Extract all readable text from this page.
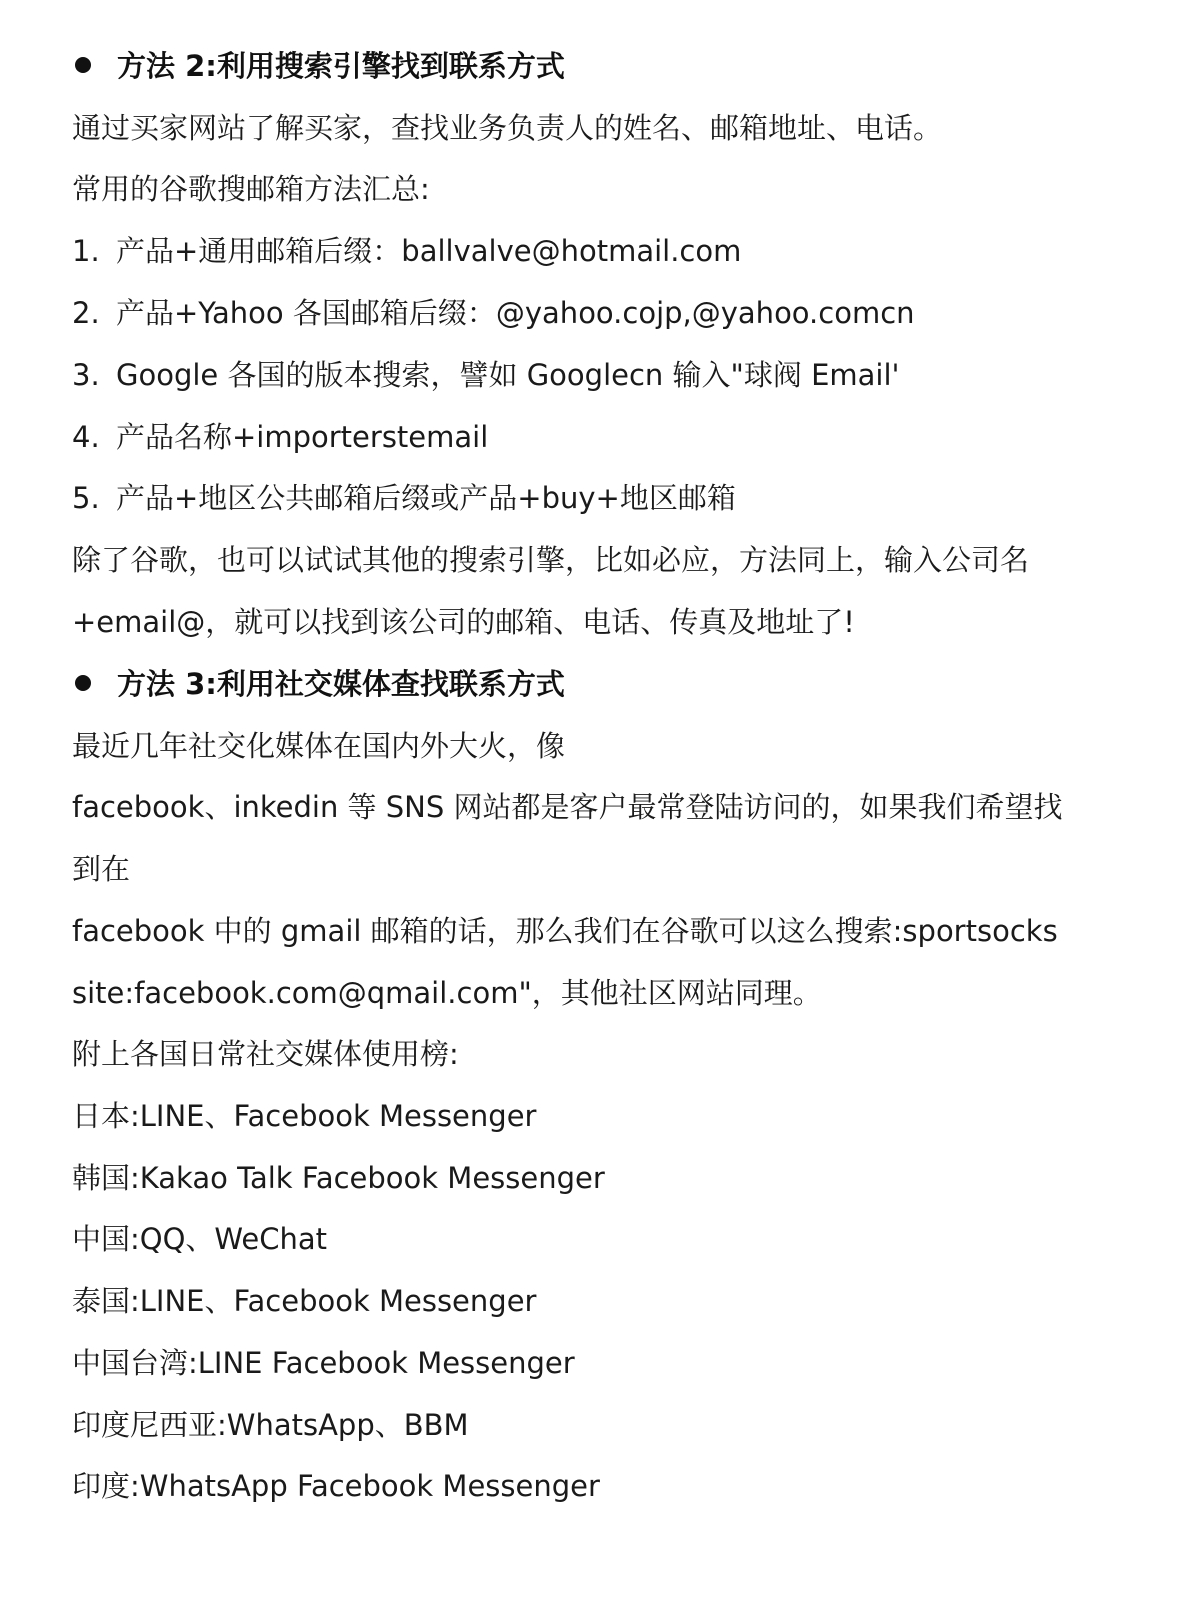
方法 2:利用搜索引擎找到联系方式
通过买家网站了解买家，查找业务负责人的姓名、邮箱地址、电话。
常用的谷歌搜邮箱方法汇总:
1. 产品+通用邮箱后缀：ballvalve@hotmail.com
2. 产品+Yahoo 各国邮箱后缀：@yahoo.cojp,@yahoo.comcn
3. Google 各国的版本搜索，譬如 Googlecn 输入"球阀 Email'
4. 产品名称+importerstemail
5. 产品+地区公共邮箱后缀或产品+buy+地区邮箱
除了谷歌，也可以试试其他的搜索引擎，比如必应，方法同上，输入公司名
+email@，就可以找到该公司的邮箱、电话、传真及地址了!
方法 3:利用社交媒体查找联系方式
最近几年社交化媒体在国内外大火，像
facebook、inkedin 等 SNS 网站都是客户最常登陆访问的，如果我们希望找
到在
facebook 中的 gmail 邮箱的话，那么我们在谷歌可以这么搜索:sportsocks
site:facebook.com@qmail.com"，其他社区网站同理。
附上各国日常社交媒体使用榜:
日本:LINE、Facebook Messenger
韩国:Kakao Talk Facebook Messenger
中国:QQ、WeChat
泰国:LINE、Facebook Messenger
中国台湾:LINE Facebook Messenger
印度尼西亚:WhatsApp、BBM
印度:WhatsApp Facebook Messenger
